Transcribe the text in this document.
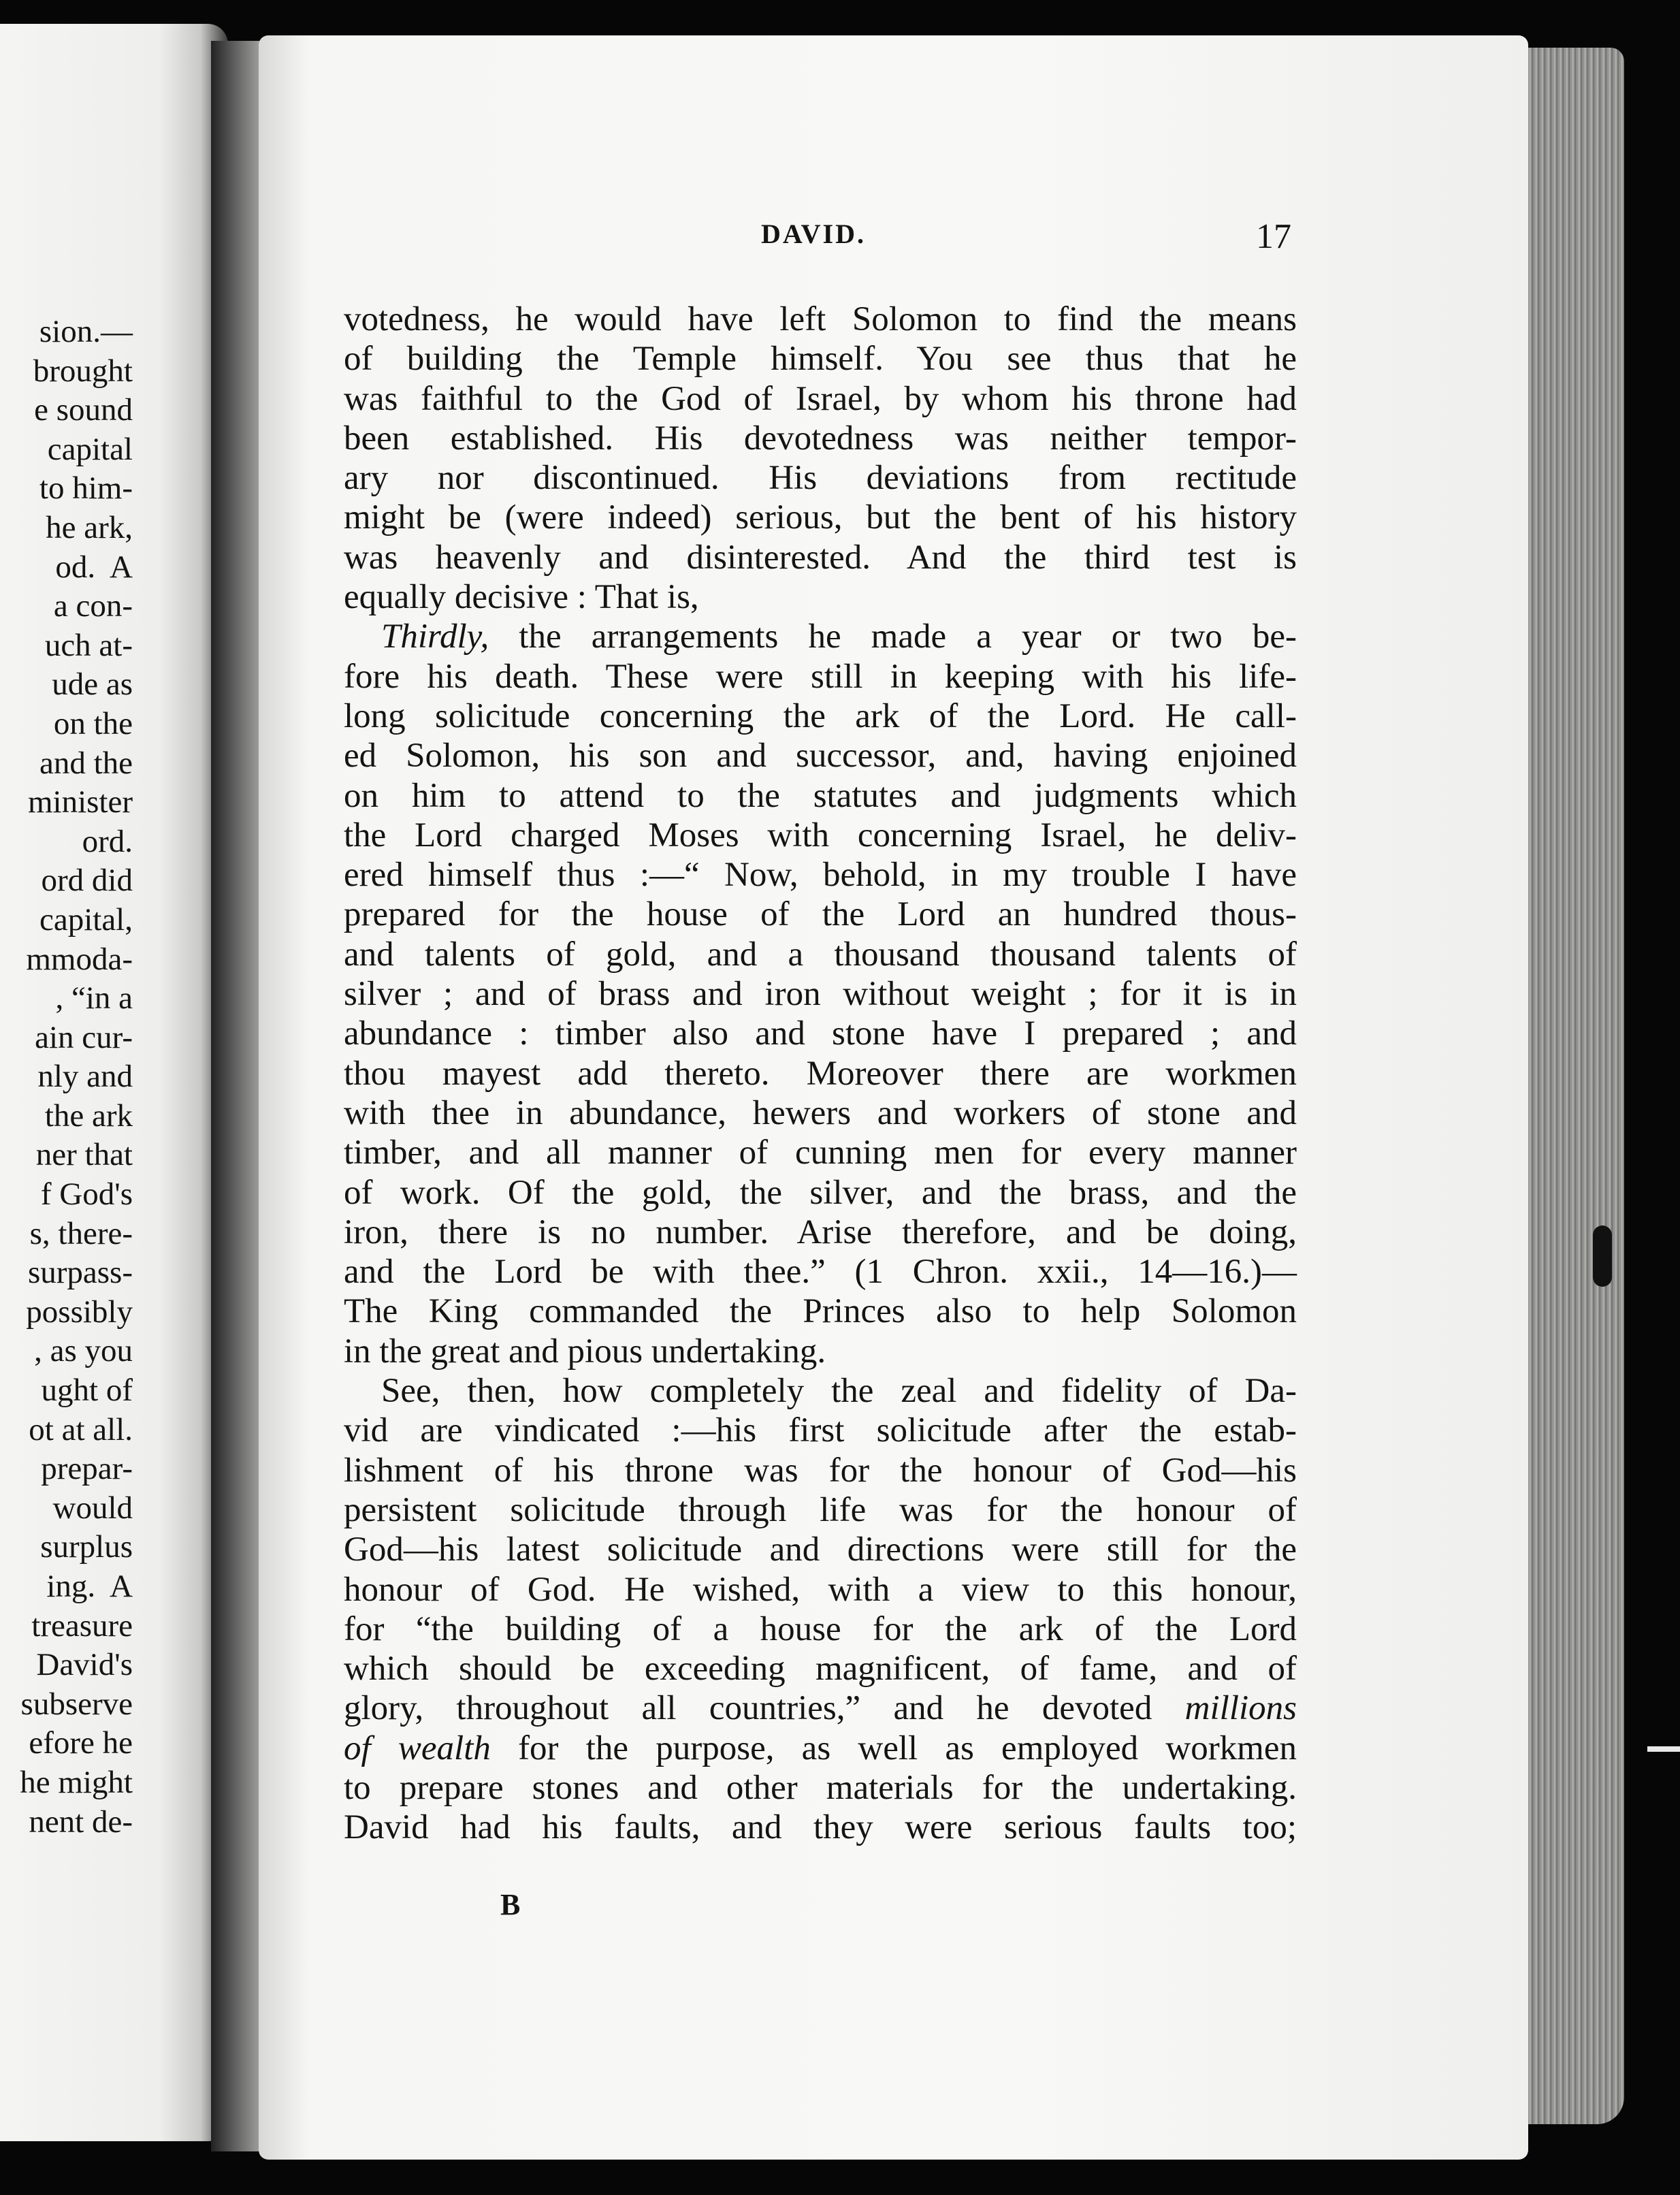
sion.—
brought
e sound
capital
to him-
he ark,
od.  A
a con-
uch at-
ude as
on the
and the
minister
ord.
ord did
capital,
mmoda-
, “in a
ain cur-
nly and
the ark
ner that
f God's
s, there-
surpass-
possibly
, as you
ught of
ot at all.
prepar-
would
surplus
ing.  A
treasure
David's
subserve
efore he
he might
nent de-
DAVID.	17
votedness, he would have left Solomon to find the means
of building the Temple himself. You see thus that he
was faithful to the God of Israel, by whom his throne had
been established. His devotedness was neither tempor-
ary nor discontinued. His deviations from rectitude
might be (were indeed) serious, but the bent of his history
was heavenly and disinterested. And the third test is
equally decisive : That is,
Thirdly, the arrangements he made a year or two be-
fore his death. These were still in keeping with his life-
long solicitude concerning the ark of the Lord. He call-
ed Solomon, his son and successor, and, having enjoined
on him to attend to the statutes and judgments which
the Lord charged Moses with concerning Israel, he deliv-
ered himself thus :—“ Now, behold, in my trouble I have
prepared for the house of the Lord an hundred thous-
and talents of gold, and a thousand thousand talents of
silver ; and of brass and iron without weight ; for it is in
abundance : timber also and stone have I prepared ; and
thou mayest add thereto. Moreover there are workmen
with thee in abundance, hewers and workers of stone and
timber, and all manner of cunning men for every manner
of work. Of the gold, the silver, and the brass, and the
iron, there is no number. Arise therefore, and be doing,
and the Lord be with thee.” (1 Chron. xxii., 14—16.)—
The King commanded the Princes also to help Solomon
in the great and pious undertaking.
See, then, how completely the zeal and fidelity of Da-
vid are vindicated :—his first solicitude after the estab-
lishment of his throne was for the honour of God—his
persistent solicitude through life was for the honour of
God—his latest solicitude and directions were still for the
honour of God. He wished, with a view to this honour,
for “the building of a house for the ark of the Lord
which should be exceeding magnificent, of fame, and of
glory, throughout all countries,” and he devoted millions
of wealth for the purpose, as well as employed workmen
to prepare stones and other materials for the undertaking.
David had his faults, and they were serious faults too;
B
